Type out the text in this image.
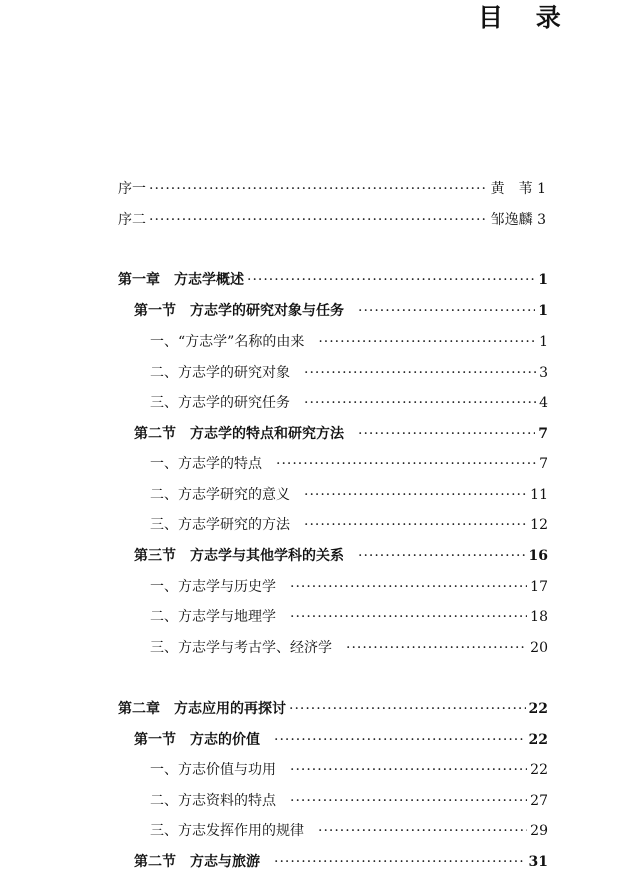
目 录
序一 ·····	黄　苇 1
序二 ·····	邹逸麟 3
第一章　方志学概述 ·····	1
第一节　方志学的研究对象与任务 ·····	1
一、“方志学”名称的由来 ·····	1
二、方志学的研究对象 ·····	3
三、方志学的研究任务 ·····	4
第二节　方志学的特点和研究方法 ·····	7
一、方志学的特点 ·····	7
二、方志学研究的意义 ·····	11
三、方志学研究的方法 ·····	12
第三节　方志学与其他学科的关系 ·····	16
一、方志学与历史学 ·····	17
二、方志学与地理学 ·····	18
三、方志学与考古学、经济学 ·····	20
第二章　方志应用的再探讨 ·····	22
第一节　方志的价值 ·····	22
一、方志价值与功用 ·····	22
二、方志资料的特点 ·····	27
三、方志发挥作用的规律 ·····	29
第二节　方志与旅游 ·····	31
